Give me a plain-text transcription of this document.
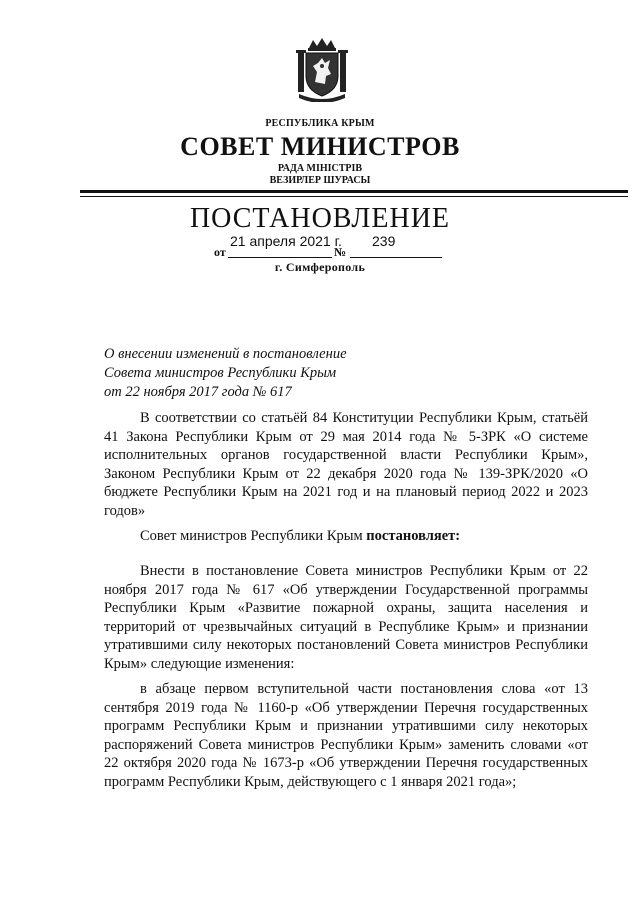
РЕСПУБЛИКА КРЫМ
СОВЕТ МИНИСТРОВ
РАДА МІНІСТРІВ
ВЕЗИРЛЕР ШУРАСЫ
ПОСТАНОВЛЕНИЕ
от
21 апреля 2021 г.
№
239
г. Симферополь
О внесении изменений в постановление
Совета министров Республики Крым
от 22 ноября 2017 года № 617
В соответствии со статьёй 84 Конституции Республики Крым, статьёй 41 Закона Республики Крым от 29 мая 2014 года № 5-ЗРК «О системе исполнительных органов государственной власти Республики Крым», Законом Республики Крым от 22 декабря 2020 года № 139-ЗРК/2020 «О бюджете Республики Крым на 2021 год и на плановый период 2022 и 2023 годов»
Совет министров Республики Крым постановляет:
Внести в постановление Совета министров Республики Крым от 22 ноября 2017 года № 617 «Об утверждении Государственной программы Республики Крым «Развитие пожарной охраны, защита населения и территорий от чрезвычайных ситуаций в Республике Крым» и признании утратившими силу некоторых постановлений Совета министров Республики Крым» следующие изменения:
в абзаце первом вступительной части постановления слова «от 13 сентября 2019 года № 1160-р «Об утверждении Перечня государственных программ Республики Крым и признании утратившими силу некоторых распоряжений Совета министров Республики Крым» заменить словами «от 22 октября 2020 года № 1673-р «Об утверждении Перечня государственных программ Республики Крым, действующего с 1 января 2021 года»;
